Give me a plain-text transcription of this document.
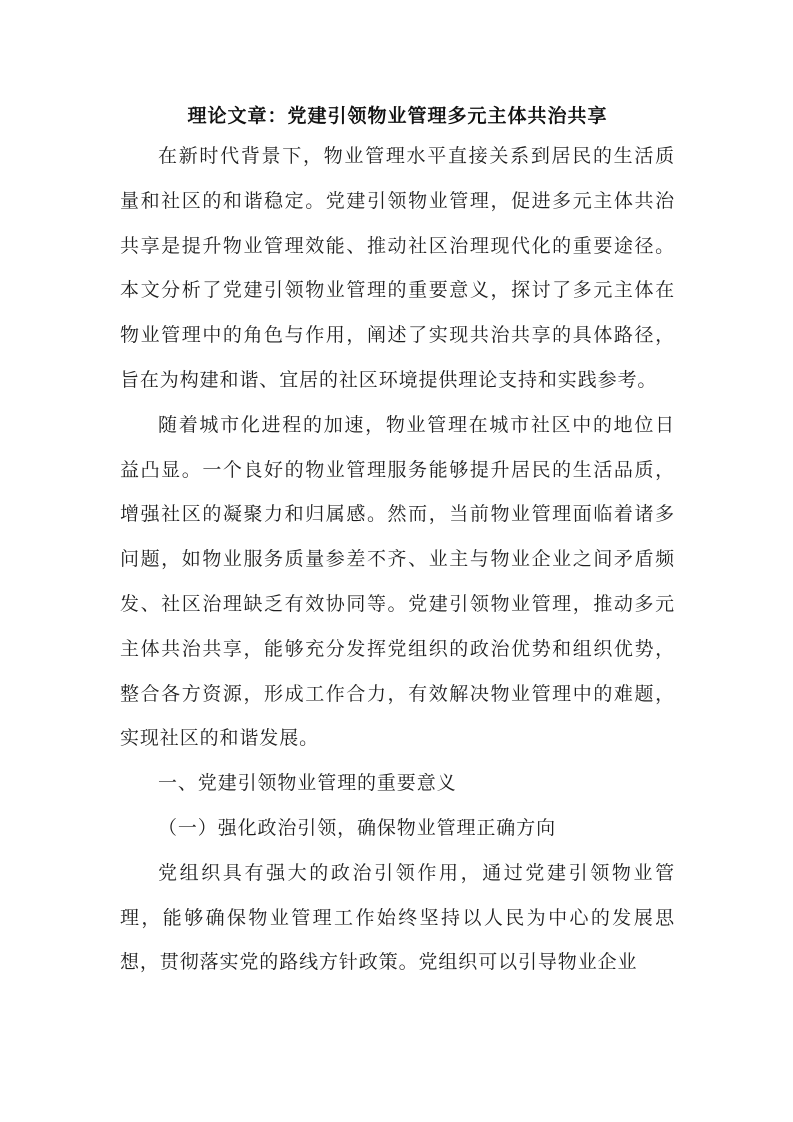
理论文章：党建引领物业管理多元主体共治共享

在新时代背景下，物业管理水平直接关系到居民的生活质量和社区的和谐稳定。党建引领物业管理，促进多元主体共治共享是提升物业管理效能、推动社区治理现代化的重要途径。本文分析了党建引领物业管理的重要意义，探讨了多元主体在物业管理中的角色与作用，阐述了实现共治共享的具体路径，旨在为构建和谐、宜居的社区环境提供理论支持和实践参考。

随着城市化进程的加速，物业管理在城市社区中的地位日益凸显。一个良好的物业管理服务能够提升居民的生活品质，增强社区的凝聚力和归属感。然而，当前物业管理面临着诸多问题，如物业服务质量参差不齐、业主与物业企业之间矛盾频发、社区治理缺乏有效协同等。党建引领物业管理，推动多元主体共治共享，能够充分发挥党组织的政治优势和组织优势，整合各方资源，形成工作合力，有效解决物业管理中的难题，实现社区的和谐发展。

一、党建引领物业管理的重要意义

（一）强化政治引领，确保物业管理正确方向

党组织具有强大的政治引领作用，通过党建引领物业管理，能够确保物业管理工作始终坚持以人民为中心的发展思想，贯彻落实党的路线方针政策。党组织可以引导物业企业
